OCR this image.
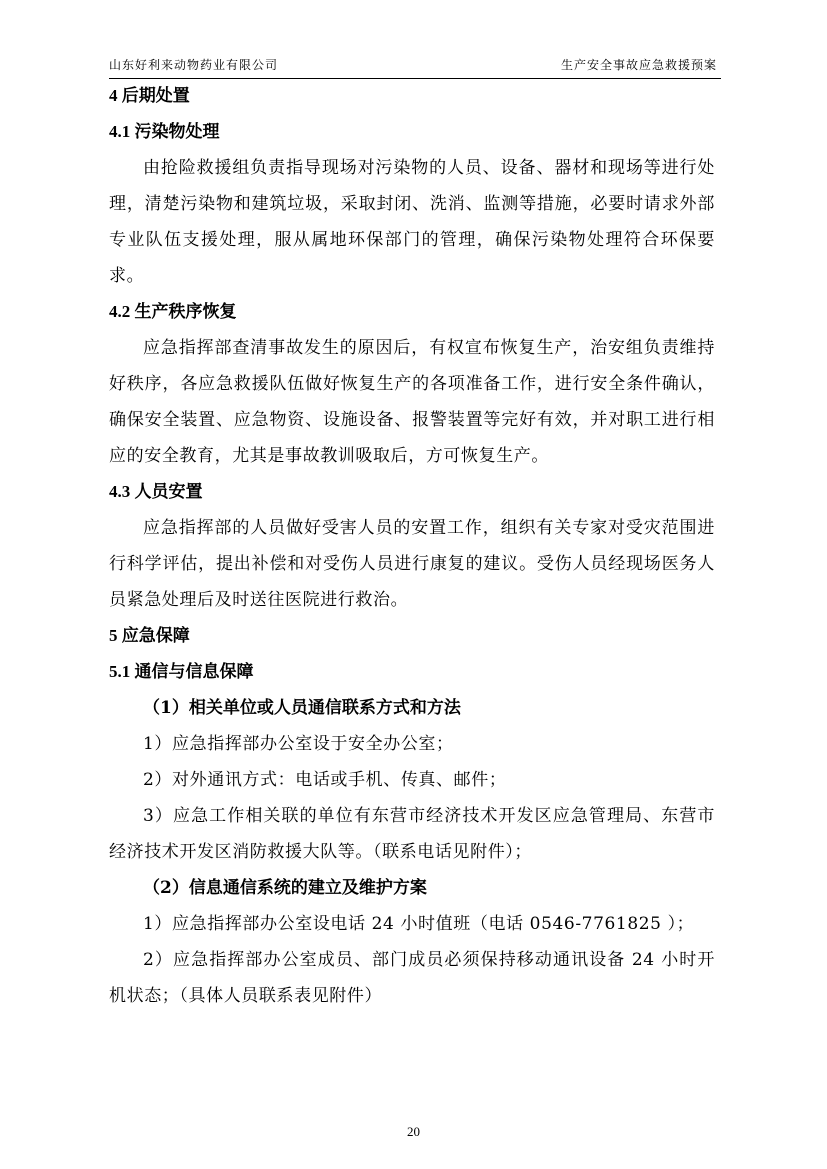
山东好利来动物药业有限公司	生产安全事故应急救援预案
4 后期处置
4.1 污染物处理

由抢险救援组负责指导现场对污染物的人员、设备、器材和现场等进行处理，清楚污染物和建筑垃圾，采取封闭、洗消、监测等措施，必要时请求外部专业队伍支援处理，服从属地环保部门的管理，确保污染物处理符合环保要求。

4.2 生产秩序恢复

应急指挥部查清事故发生的原因后，有权宣布恢复生产，治安组负责维持好秩序，各应急救援队伍做好恢复生产的各项准备工作，进行安全条件确认，确保安全装置、应急物资、设施设备、报警装置等完好有效，并对职工进行相应的安全教育，尤其是事故教训吸取后，方可恢复生产。

4.3 人员安置

应急指挥部的人员做好受害人员的安置工作，组织有关专家对受灾范围进行科学评估，提出补偿和对受伤人员进行康复的建议。受伤人员经现场医务人员紧急处理后及时送往医院进行救治。

5 应急保障
5.1 通信与信息保障
（1）相关单位或人员通信联系方式和方法

1）应急指挥部办公室设于安全办公室；

2）对外通讯方式：电话或手机、传真、邮件；

3）应急工作相关联的单位有东营市经济技术开发区应急管理局、东营市经济技术开发区消防救援大队等。（联系电话见附件）；

（2）信息通信系统的建立及维护方案

1）应急指挥部办公室设电话 24 小时值班（电话 0546-7761825 ）；

2）应急指挥部办公室成员、部门成员必须保持移动通讯设备 24 小时开机状态；（具体人员联系表见附件）

20
